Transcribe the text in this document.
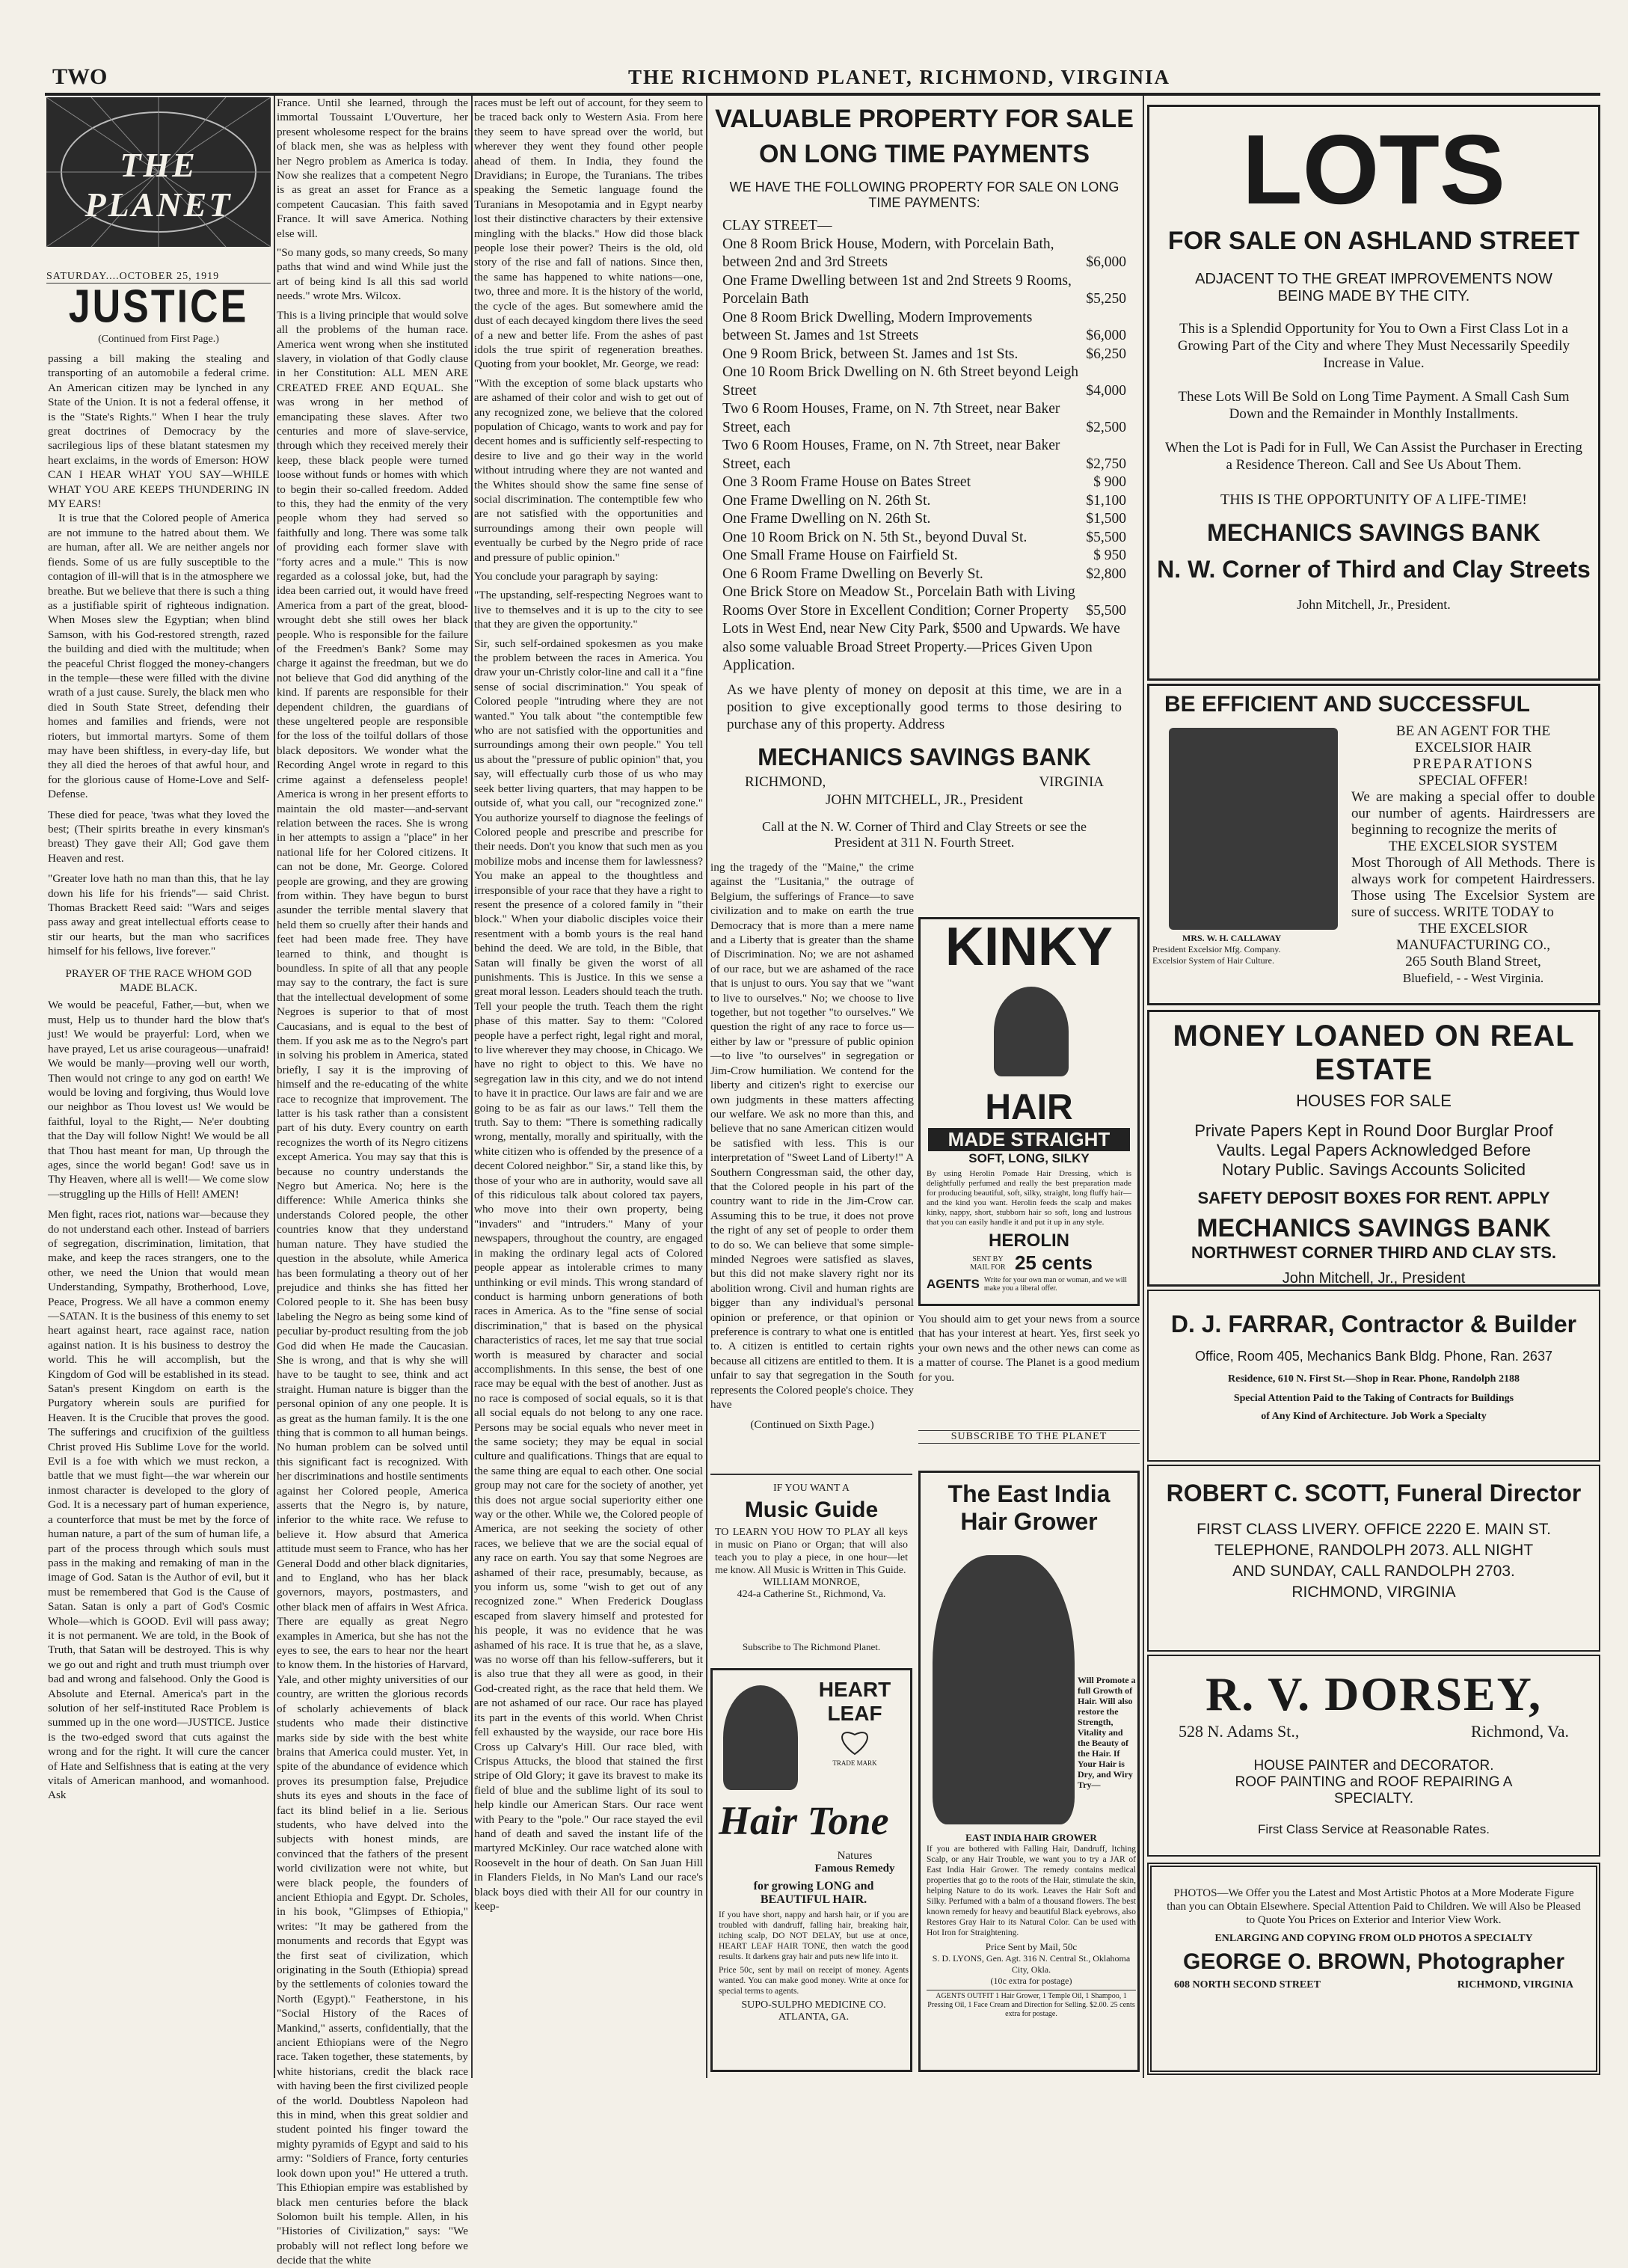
TWO	THE RICHMOND PLANET, RICHMOND, VIRGINIA
THE PLANET
SATURDAY....OCTOBER 25, 1919
JUSTICE
(Continued from First Page.)

passing a bill making the stealing and transporting of an automobile a federal crime. An American citizen may be lynched in any State of the Union. It is not a federal offense, it is the "State's Rights." When I hear the truly great doctrines of Democracy by the sacrilegious lips of these blatant statesmen my heart exclaims, in the words of Emerson: HOW CAN I HEAR WHAT YOU SAY—WHILE WHAT YOU ARE KEEPS THUNDERING IN MY EARS!

It is true that the Colored people of America are not immune to the hatred about them. We are human, after all. We are neither angels nor fiends. Some of us are fully susceptible to the contagion of ill-will that is in the atmosphere we breathe. But we believe that there is such a thing as a justifiable spirit of righteous indignation. When Moses slew the Egyptian; when blind Samson, with his God-restored strength, razed the building and died with the multitude; when the peaceful Christ flogged the money-changers in the temple—these were filled with the divine wrath of a just cause. Surely, the black men who died in South State Street, defending their homes and families and friends, were not rioters, but immortal martyrs. Some of them may have been shiftless, in every-day life, but they all died the heroes of that awful hour, and for the glorious cause of Home-Love and Self-Defense.

These died for peace, 'twas what they loved the best; (Their spirits breathe in every kinsman's breast) They gave their All; God gave them Heaven and rest.

"Greater love hath no man than this, that he lay down his life for his friends"— said Christ. Thomas Brackett Reed said: "Wars and seiges pass away and great intellectual efforts cease to stir our hearts, but the man who sacrifices himself for his fellows, live forever."

PRAYER OF THE RACE WHOM GOD MADE BLACK.

We would be peaceful, Father,—but, when we must, Help us to thunder hard the blow that's just! We would be prayerful: Lord, when we have prayed, Let us arise courageous—unafraid! We would be manly—proving well our worth, Then would not cringe to any god on earth! We would be loving and forgiving, thus Would love our neighbor as Thou lovest us! We would be faithful, loyal to the Right,— Ne'er doubting that the Day will follow Night! We would be all that Thou hast meant for man, Up through the ages, since the world began! God! save us in Thy Heaven, where all is well!— We come slow—struggling up the Hills of Hell! AMEN!

Men fight, races riot, nations war—because they do not understand each other. Instead of barriers of segregation, discrimination, limitation, that make, and keep the races strangers, one to the other, we need the Union that would mean Understanding, Sympathy, Brotherhood, Love, Peace, Progress. We all have a common enemy—SATAN. It is the business of this enemy to set heart against heart, race against race, nation against nation. It is his business to destroy the world. This he will accomplish, but the Kingdom of God will be established in its stead. Satan's present Kingdom on earth is the Purgatory wherein souls are purified for Heaven. It is the Crucible that proves the good. The sufferings and crucifixion of the guiltless Christ proved His Sublime Love for the world. Evil is a foe with which we must reckon, a battle that we must fight—the war wherein our inmost character is developed to the glory of God. It is a necessary part of human experience, a counterforce that must be met by the force of human nature, a part of the sum of human life, a part of the process through which souls must pass in the making and remaking of man in the image of God. Satan is the Author of evil, but it must be remembered that God is the Cause of Satan. Satan is only a part of God's Cosmic Whole—which is GOOD. Evil will pass away; it is not permanent. We are told, in the Book of Truth, that Satan will be destroyed. This is why we go out and right and truth must triumph over bad and wrong and falsehood. Only the Good is Absolute and Eternal. America's part in the solution of her self-instituted Race Problem is summed up in the one word—JUSTICE. Justice is the two-edged sword that cuts against the wrong and for the right. It will cure the cancer of Hate and Selfishness that is eating at the very vitals of American manhood, and womanhood. Ask

France. Until she learned, through the immortal Toussaint L'Ouverture, her present wholesome respect for the brains of black men, she was as helpless with her Negro problem as America is today. Now she realizes that a competent Negro is as great an asset for France as a competent Caucasian. This faith saved France. It will save America. Nothing else will.

"So many gods, so many creeds, So many paths that wind and wind While just the art of being kind Is all this sad world needs." wrote Mrs. Wilcox.

This is a living principle that would solve all the problems of the human race. America went wrong when she instituted slavery, in violation of that Godly clause in her Constitution: ALL MEN ARE CREATED FREE AND EQUAL. She was wrong in her method of emancipating these slaves. After two centuries and more of slave-service, through which they received merely their keep, these black people were turned loose without funds or homes with which to begin their so-called freedom. Added to this, they had the enmity of the very people whom they had served so faithfully and long. There was some talk of providing each former slave with "forty acres and a mule." This is now regarded as a colossal joke, but, had the idea been carried out, it would have freed America from a part of the great, blood-wrought debt she still owes her black people. Who is responsible for the failure of the Freedmen's Bank? Some may charge it against the freedman, but we do not believe that God did anything of the kind. If parents are responsible for their dependent children, the guardians of these ungeltered people are responsible for the loss of the toilful dollars of those black depositors. We wonder what the Recording Angel wrote in regard to this crime against a defenseless people! America is wrong in her present efforts to maintain the old master—and-servant relation between the races. She is wrong in her attempts to assign a "place" in her national life for her Colored citizens. It can not be done, Mr. George. Colored people are growing, and they are growing from within. They have begun to burst asunder the terrible mental slavery that held them so cruelly after their hands and feet had been made free. They have learned to think, and thought is boundless. In spite of all that any people may say to the contrary, the fact is sure that the intellectual development of some Negroes is superior to that of most Caucasians, and is equal to the best of them. If you ask me as to the Negro's part in solving his problem in America, stated briefly, I say it is the improving of himself and the re-educating of the white race to recognize that improvement. The latter is his task rather than a consistent part of his duty. Every country on earth recognizes the worth of its Negro citizens except America. You may say that this is because no country understands the Negro but America. No; here is the difference: While America thinks she understands Colored people, the other countries know that they understand human nature. They have studied the question in the absolute, while America has been formulating a theory out of her prejudice and thinks she has fitted her Colored people to it. She has been busy labeling the Negro as being some kind of peculiar by-product resulting from the job God did when He made the Caucasian. She is wrong, and that is why she will have to be taught to see, think and act straight. Human nature is bigger than the personal opinion of any one people. It is as great as the human family. It is the one thing that is common to all human beings. No human problem can be solved until this significant fact is recognized. With her discriminations and hostile sentiments against her Colored people, America asserts that the Negro is, by nature, inferior to the white race. We refuse to believe it. How absurd that America attitude must seem to France, who has her General Dodd and other black dignitaries, and to England, who has her black governors, mayors, postmasters, and other black men of affairs in West Africa. There are equally as great Negro examples in America, but she has not the eyes to see, the ears to hear nor the heart to know them. In the histories of Harvard, Yale, and other mighty universities of our country, are written the glorious records of scholarly achievements of black students who made their distinctive marks side by side with the best white brains that America could muster. Yet, in spite of the abundance of evidence which proves its presumption false, Prejudice shuts its eyes and shouts in the face of fact its blind belief in a lie. Serious students, who have delved into the subjects with honest minds, are convinced that the fathers of the present world civilization were not white, but were black people, the founders of ancient Ethiopia and Egypt. Dr. Scholes, in his book, "Glimpses of Ethiopia," writes: "It may be gathered from the monuments and records that Egypt was the first seat of civilization, which originating in the South (Ethiopia) spread by the settlements of colonies toward the North (Egypt)." Featherstone, in his "Social History of the Races of Mankind," asserts, confidentially, that the ancient Ethiopians were of the Negro race. Taken together, these statements, by white historians, credit the black race with having been the first civilized people of the world. Doubtless Napoleon had this in mind, when this great soldier and student pointed his finger toward the mighty pyramids of Egypt and said to his army: "Soldiers of France, forty centuries look down upon you!" He uttered a truth. This Ethiopian empire was established by black men centuries before the black Solomon built his temple. Allen, in his "Histories of Civilization," says: "We probably will not reflect long before we decide that the white

races must be left out of account, for they seem to be traced back only to Western Asia. From here they seem to have spread over the world, but wherever they went they found other people ahead of them. In India, they found the Dravidians; in Europe, the Turanians. The tribes speaking the Semetic language found the Turanians in Mesopotamia and in Egypt nearby lost their distinctive characters by their extensive mingling with the blacks." How did those black people lose their power? Theirs is the old, old story of the rise and fall of nations. Since then, the same has happened to white nations—one, two, three and more. It is the history of the world, the cycle of the ages. But somewhere amid the dust of each decayed kingdom there lives the seed of a new and better life. From the ashes of past idols the true spirit of regeneration breathes. Quoting from your booklet, Mr. George, we read:

"With the exception of some black upstarts who are ashamed of their color and wish to get out of any recognized zone, we believe that the colored population of Chicago, wants to work and pay for decent homes and is sufficiently self-respecting to desire to live and go their way in the world without intruding where they are not wanted and the Whites should show the same fine sense of social discrimination. The contemptible few who are not satisfied with the opportunities and surroundings among their own people will eventually be curbed by the Negro pride of race and pressure of public opinion."

You conclude your paragraph by saying:

"The upstanding, self-respecting Negroes want to live to themselves and it is up to the city to see that they are given the opportunity."

Sir, such self-ordained spokesmen as you make the problem between the races in America. You draw your un-Christly color-line and call it a "fine sense of social discrimination." You speak of Colored people "intruding where they are not wanted." You talk about "the contemptible few who are not satisfied with the opportunities and surroundings among their own people." You tell us about the "pressure of public opinion" that, you say, will effectually curb those of us who may seek better living quarters, that may happen to be outside of, what you call, our "recognized zone." You authorize yourself to diagnose the feelings of Colored people and prescribe and prescribe for their needs. Don't you know that such men as you mobilize mobs and incense them for lawlessness? You make an appeal to the thoughtless and irresponsible of your race that they have a right to resent the presence of a colored family in "their block." When your diabolic disciples voice their resentment with a bomb yours is the real hand behind the deed. We are told, in the Bible, that Satan will finally be given the worst of all punishments. This is Justice. In this we sense a great moral lesson. Leaders should teach the truth. Tell your people the truth. Teach them the right phase of this matter. Say to them: "Colored people have a perfect right, legal right and moral, to live wherever they may choose, in Chicago. We have no right to object to this. We have no segregation law in this city, and we do not intend to have it in practice. Our laws are fair and we are going to be as fair as our laws." Tell them the truth. Say to them: "There is something radically wrong, mentally, morally and spiritually, with the white citizen who is offended by the presence of a decent Colored neighbor." Sir, a stand like this, by those of your who are in authority, would save all of this ridiculous talk about colored tax payers, who move into their own property, being "invaders" and "intruders." Many of your newspapers, throughout the country, are engaged in making the ordinary legal acts of Colored people appear as intolerable crimes to many unthinking or evil minds. This wrong standard of conduct is harming unborn generations of both races in America. As to the "fine sense of social discrimination," that is based on the physical characteristics of races, let me say that true social worth is measured by character and social accomplishments. In this sense, the best of one race may be equal with the best of another. Just as no race is composed of social equals, so it is that all social equals do not belong to any one race. Persons may be social equals who never meet in the same society; they may be equal in social culture and qualifications. Things that are equal to the same thing are equal to each other. One social group may not care for the society of another, yet this does not argue social superiority either one way or the other. While we, the Colored people of America, are not seeking the society of other races, we believe that we are the social equal of any race on earth. You say that some Negroes are ashamed of their race, presumably, because, as you inform us, some "wish to get out of any recognized zone." When Frederick Douglass escaped from slavery himself and protested for his people, it was no evidence that he was ashamed of his race. It is true that he, as a slave, was no worse off than his fellow-sufferers, but it is also true that they all were as good, in their God-created right, as the race that held them. We are not ashamed of our race. Our race has played its part in the events of this world. When Christ fell exhausted by the wayside, our race bore His Cross up Calvary's Hill. Our race bled, with Crispus Attucks, the blood that stained the first stripe of Old Glory; it gave its bravest to make its field of blue and the sublime light of its soul to help kindle our American Stars. Our race went with Peary to the "pole." Our race stayed the evil hand of death and saved the instant life of the martyred McKinley. Our race watched alone with Roosevelt in the hour of death. On San Juan Hill in Flanders Fields, in No Man's Land our race's black boys died with their All for our country in keep-

VALUABLE PROPERTY FOR SALE
ON LONG TIME PAYMENTS
WE HAVE THE FOLLOWING PROPERTY FOR SALE ON LONG TIME PAYMENTS:
CLAY STREET—
One 8 Room Brick House, Modern, with Porcelain Bath, between 2nd and 3rd Streets	$6,000
One Frame Dwelling between 1st and 2nd Streets 9 Rooms, Porcelain Bath	$5,250
One 8 Room Brick Dwelling, Modern Improvements between St. James and 1st Streets	$6,000
One 9 Room Brick, between St. James and 1st Sts.	$6,250
One 10 Room Brick Dwelling on N. 6th Street beyond Leigh Street	$4,000
Two 6 Room Houses, Frame, on N. 7th Street, near Baker Street, each	$2,500
Two 6 Room Houses, Frame, on N. 7th Street, near Baker Street, each	$2,750
One 3 Room Frame House on Bates Street	$ 900
One Frame Dwelling on N. 26th St.	$1,100
One Frame Dwelling on N. 26th St.	$1,500
One 10 Room Brick on N. 5th St., beyond Duval St.	$5,500
One Small Frame House on Fairfield St.	$ 950
One 6 Room Frame Dwelling on Beverly St.	$2,800
One Brick Store on Meadow St., Porcelain Bath with Living Rooms Over Store in Excellent Condition; Corner Property	$5,500
Lots in West End, near New City Park, $500 and Upwards. We have also some valuable Broad Street Property.—Prices Given Upon Application.
As we have plenty of money on deposit at this time, we are in a position to give exceptionally good terms to those desiring to purchase any of this property. Address
MECHANICS SAVINGS BANK
RICHMOND,	VIRGINIA
JOHN MITCHELL, JR., President
Call at the N. W. Corner of Third and Clay Streets or see the President at 311 N. Fourth Street.

ing the tragedy of the "Maine," the crime against the "Lusitania," the outrage of Belgium, the sufferings of France—to save civilization and to make on earth the true Democracy that is more than a mere name and a Liberty that is greater than the shame of Discrimination. No; we are not ashamed of our race, but we are ashamed of the race that is unjust to ours. You say that we "want to live to ourselves." No; we choose to live together, but not together "to ourselves." We question the right of any race to force us—either by law or "pressure of public opinion—to live "to ourselves" in segregation or Jim-Crow humiliation. We contend for the liberty and citizen's right to exercise our own judgments in these matters affecting our welfare. We ask no more than this, and believe that no sane American citizen would be satisfied with less. This is our interpretation of "Sweet Land of Liberty!" A Southern Congressman said, the other day, that the Colored people in his part of the country want to ride in the Jim-Crow car. Assuming this to be true, it does not prove the right of any set of people to order them to do so. We can believe that some simple-minded Negroes were satisfied as slaves, but this did not make slavery right nor its abolition wrong. Civil and human rights are bigger than any individual's personal opinion or preference, or that opinion or preference is contrary to what one is entitled to. A citizen is entitled to certain rights because all citizens are entitled to them. It is unfair to say that segregation in the South represents the Colored people's choice. They have

(Continued on Sixth Page.)

KINKY
HAIR
MADE STRAIGHT
SOFT, LONG, SILKY
By using Herolin Pomade Hair Dressing, which is delightfully perfumed and really the best preparation made for producing beautiful, soft, silky, straight, long fluffy hair—and the kind you want. Herolin feeds the scalp and makes kinky, nappy, short, stubborn hair so soft, long and lustrous that you can easily handle it and put it up in any style.
HEROLIN
SENT BY MAIL FOR 25 cents
AGENTS Write for your own man or woman, and we will make you a liberal offer.

You should aim to get your news from a source that has your interest at heart. Yes, first seek yo your own news and the other news can come as a matter of course. The Planet is a good medium for you.

SUBSCRIBE TO THE PLANET
IF YOU WANT A
Music Guide
TO LEARN YOU HOW TO PLAY all keys in music on Piano or Organ; that will also teach you to play a piece, in one hour—let me know. All Music is Written in This Guide.
WILLIAM MONROE,
424-a Catherine St., Richmond, Va.
Subscribe to The Richmond Planet.
HEART
LEAF
TRADE MARK
Hair Tone
Natures
Famous Remedy
for growing LONG and
BEAUTIFUL HAIR.
If you have short, nappy and harsh hair, or if you are troubled with dandruff, falling hair, breaking hair, itching scalp, DO NOT DELAY, but use at once, HEART LEAF HAIR TONE, then watch the good results. It darkens gray hair and puts new life into it.
Price 50c, sent by mail on receipt of money. Agents wanted. You can make good money. Write at once for special terms to agents.
SUPO-SULPHO MEDICINE CO.
ATLANTA, GA.
The East India
Hair Grower
Will Promote a full Growth of Hair. Will also restore the Strength, Vitality and the Beauty of the Hair. If Your Hair is Dry, and Wiry Try—
EAST INDIA HAIR GROWER
If you are bothered with Falling Hair, Dandruff, Itching Scalp, or any Hair Trouble, we want you to try a JAR of East India Hair Grower. The remedy contains medical properties that go to the roots of the Hair, stimulate the skin, helping Nature to do its work. Leaves the Hair Soft and Silky. Perfumed with a balm of a thousand flowers. The best known remedy for heavy and beautiful Black eyebrows, also Restores Gray Hair to its Natural Color. Can be used with Hot Iron for Straightening.
Price Sent by Mail, 50c
S. D. LYONS, Gen. Agt. 316 N. Central St., Oklahoma City, Okla.
(10c extra for postage)
AGENTS OUTFIT 1 Hair Grower, 1 Temple Oil, 1 Shampoo, 1 Pressing Oil, 1 Face Cream and Direction for Selling. $2.00. 25 cents extra for postage.
LOTS
FOR SALE ON ASHLAND STREET
ADJACENT TO THE GREAT IMPROVEMENTS NOW BEING MADE BY THE CITY.
This is a Splendid Opportunity for You to Own a First Class Lot in a Growing Part of the City and where They Must Necessarily Speedily Increase in Value.
These Lots Will Be Sold on Long Time Payment. A Small Cash Sum Down and the Remainder in Monthly Installments.
When the Lot is Padi for in Full, We Can Assist the Purchaser in Erecting a Residence Thereon. Call and See Us About Them.
THIS IS THE OPPORTUNITY OF A LIFE-TIME!
MECHANICS SAVINGS BANK
N. W. Corner of Third and Clay Streets
John Mitchell, Jr., President.
BE EFFICIENT AND SUCCESSFUL
MRS. W. H. CALLAWAY
President Excelsior Mfg. Company.
Excelsior System of Hair Culture.
BE AN AGENT FOR THE
EXCELSIOR HAIR
PREPARATIONS
SPECIAL OFFER!
We are making a special offer to double our number of agents. Hairdressers are beginning to recognize the merits of
THE EXCELSIOR SYSTEM
Most Thorough of All Methods. There is always work for competent Hairdressers. Those using The Excelsior System are sure of success. WRITE TODAY to
THE EXCELSIOR
MANUFACTURING CO.,
265 South Bland Street,
Bluefield, - - West Virginia.
MONEY LOANED ON REAL ESTATE
HOUSES FOR SALE
Private Papers Kept in Round Door Burglar Proof
Vaults. Legal Papers Acknowledged Before
Notary Public. Savings Accounts Solicited
SAFETY DEPOSIT BOXES FOR RENT. APPLY
MECHANICS SAVINGS BANK
NORTHWEST CORNER THIRD AND CLAY STS.
John Mitchell, Jr., President
D. J. FARRAR, Contractor & Builder
Office, Room 405, Mechanics Bank Bldg. Phone, Ran. 2637
Residence, 610 N. First St.—Shop in Rear. Phone, Randolph 2188
Special Attention Paid to the Taking of Contracts for Buildings
of Any Kind of Architecture. Job Work a Specialty
ROBERT C. SCOTT, Funeral Director
FIRST CLASS LIVERY. OFFICE 2220 E. MAIN ST.
TELEPHONE, RANDOLPH 2073. ALL NIGHT
AND SUNDAY, CALL RANDOLPH 2703.
RICHMOND, VIRGINIA
R. V. DORSEY,
528 N. Adams St.,	Richmond, Va.
HOUSE PAINTER and DECORATOR.
ROOF PAINTING and ROOF REPAIRING A SPECIALTY.
First Class Service at Reasonable Rates.
PHOTOS—We Offer you the Latest and Most Artistic Photos at a More Moderate Figure than you can Obtain Elsewhere. Special Attention Paid to Children. We will Also be Pleased to Quote You Prices on Exterior and Interior View Work.
ENLARGING AND COPYING FROM OLD PHOTOS A SPECIALTY
GEORGE O. BROWN, Photographer
608 NORTH SECOND STREET	RICHMOND, VIRGINIA
